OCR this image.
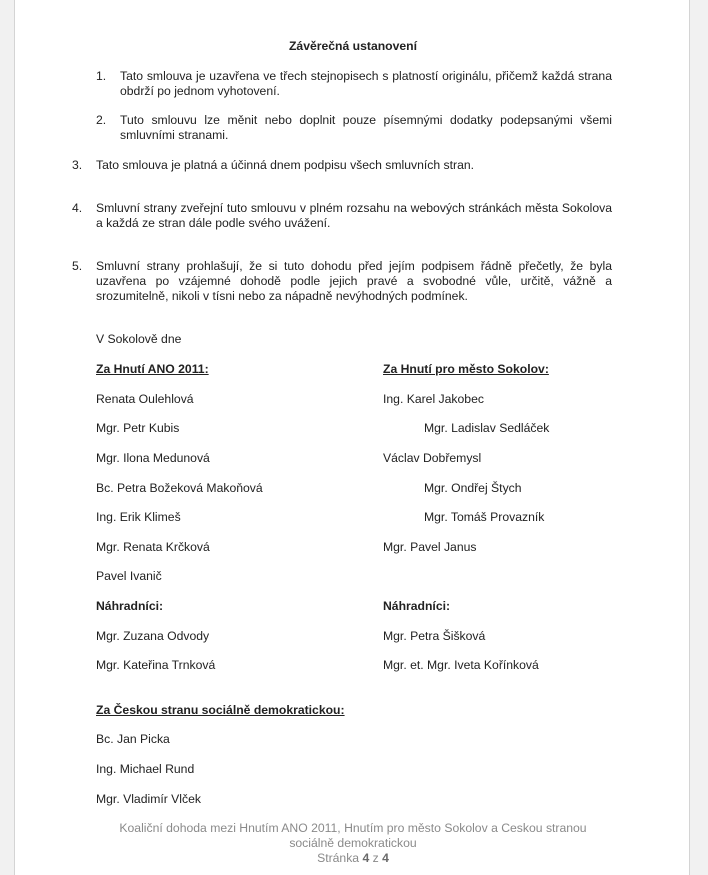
Závěrečná ustanovení
1. Tato smlouva je uzavřena ve třech stejnopisech s platností originálu, přičemž každá strana obdrží po jednom vyhotovení.
2. Tuto smlouvu lze měnit nebo doplnit pouze písemnými dodatky podepsanými všemi smluvními stranami.
3. Tato smlouva je platná a účinná dnem podpisu všech smluvních stran.
4. Smluvní strany zveřejní tuto smlouvu v plném rozsahu na webových stránkách města Sokolova a každá ze stran dále podle svého uvážení.
5. Smluvní strany prohlašují, že si tuto dohodu před jejím podpisem řádně přečetly, že byla uzavřena po vzájemné dohodě podle jejich pravé a svobodné vůle, určitě, vážně a srozumitelně, nikoli v tísni nebo za nápadně nevýhodných podmínek.
V Sokolově dne
Za Hnutí ANO 2011:
Renata Oulehlová
Mgr. Petr Kubis
Mgr. Ilona Medunová
Bc. Petra Božeková Makoňová
Ing. Erik Klimeš
Mgr. Renata Krčková
Pavel Ivanič
Náhradníci:
Mgr. Zuzana Odvody
Mgr. Kateřina Trnková
Za Hnutí pro město Sokolov:
Ing. Karel Jakobec
Mgr. Ladislav Sedláček
Václav Dobřemysl
Mgr. Ondřej Štych
Mgr. Tomáš Provazník
Mgr. Pavel Janus
Náhradníci:
Mgr. Petra Šišková
Mgr. et. Mgr. Iveta Kořínková
Za Českou stranu sociálně demokratickou:
Bc. Jan Picka
Ing. Michael Rund
Mgr. Vladimír Vlček
Koaliční dohoda mezi Hnutím ANO 2011, Hnutím pro město Sokolov a Ceskou stranou
sociálně demokratickou
Stránka 4 z 4
